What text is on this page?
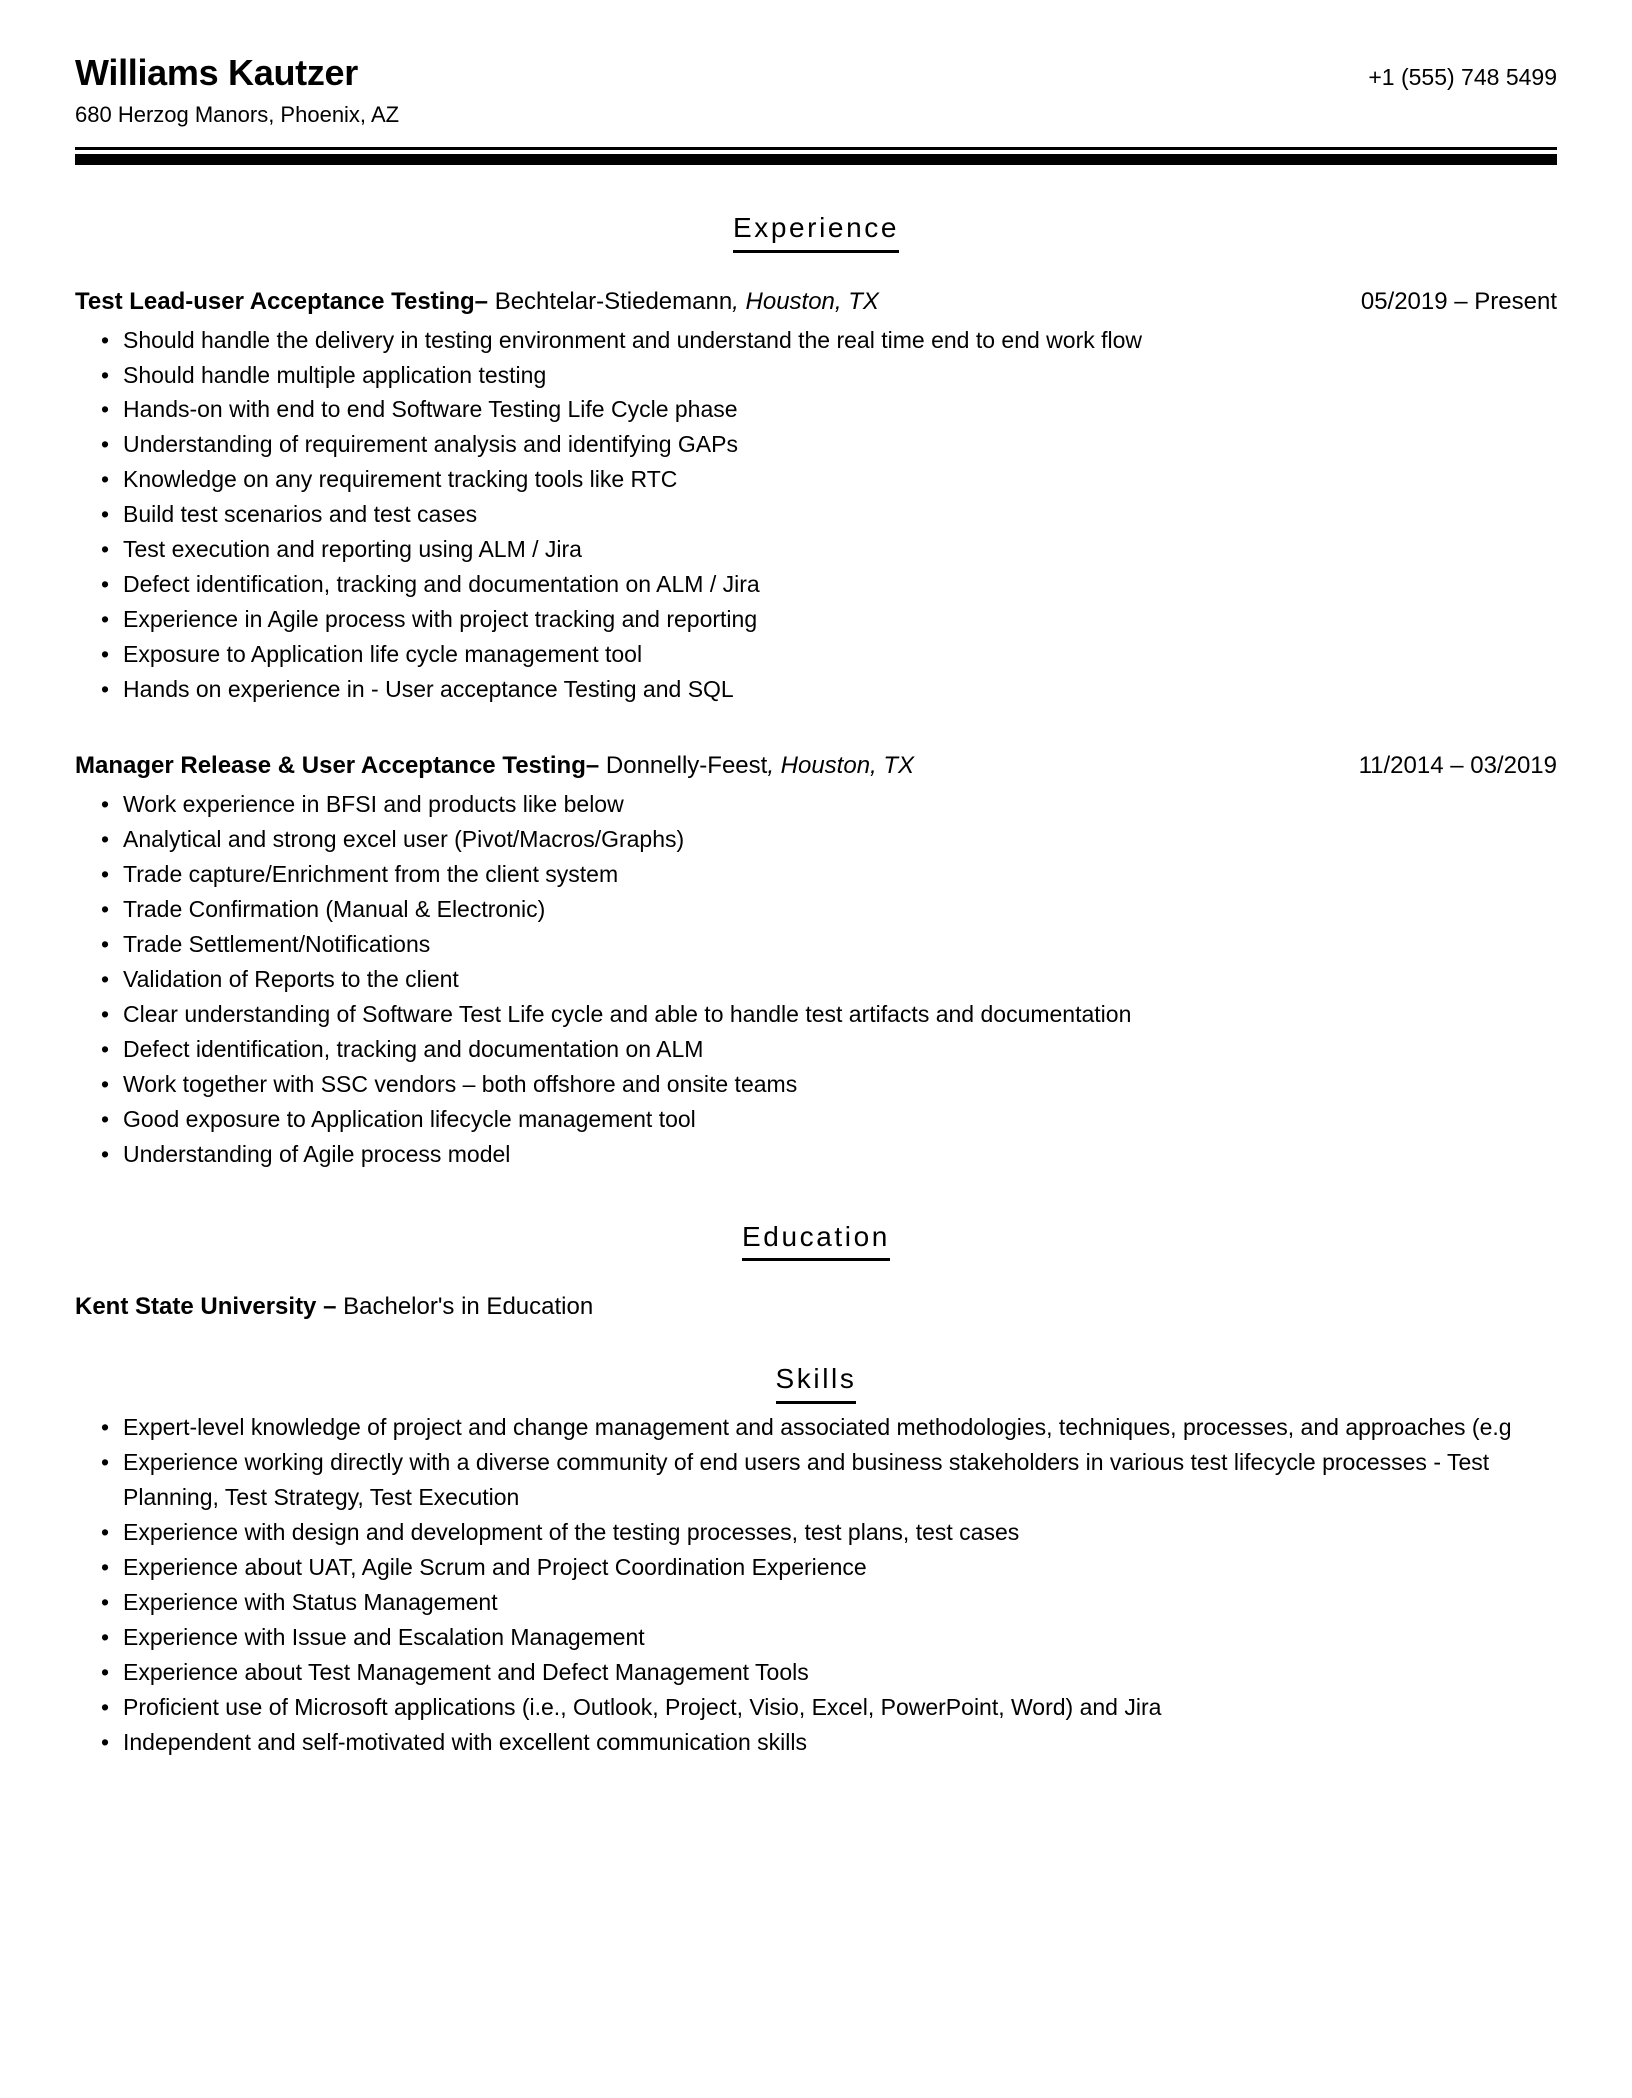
Williams Kautzer	+1 (555) 748 5499
680 Herzog Manors, Phoenix, AZ
Experience
Test Lead-user Acceptance Testing– Bechtelar-Stiedemann, Houston, TX	05/2019 – Present
• Should handle the delivery in testing environment and understand the real time end to end work flow
• Should handle multiple application testing
• Hands-on with end to end Software Testing Life Cycle phase
• Understanding of requirement analysis and identifying GAPs
• Knowledge on any requirement tracking tools like RTC
• Build test scenarios and test cases
• Test execution and reporting using ALM / Jira
• Defect identification, tracking and documentation on ALM / Jira
• Experience in Agile process with project tracking and reporting
• Exposure to Application life cycle management tool
• Hands on experience in - User acceptance Testing and SQL
Manager Release & User Acceptance Testing– Donnelly-Feest, Houston, TX	11/2014 – 03/2019
• Work experience in BFSI and products like below
• Analytical and strong excel user (Pivot/Macros/Graphs)
• Trade capture/Enrichment from the client system
• Trade Confirmation (Manual & Electronic)
• Trade Settlement/Notifications
• Validation of Reports to the client
• Clear understanding of Software Test Life cycle and able to handle test artifacts and documentation
• Defect identification, tracking and documentation on ALM
• Work together with SSC vendors – both offshore and onsite teams
• Good exposure to Application lifecycle management tool
• Understanding of Agile process model
Education
Kent State University – Bachelor's in Education
Skills
• Expert-level knowledge of project and change management and associated methodologies, techniques, processes, and approaches (e.g
• Experience working directly with a diverse community of end users and business stakeholders in various test lifecycle processes - Test Planning, Test Strategy, Test Execution
• Experience with design and development of the testing processes, test plans, test cases
• Experience about UAT, Agile Scrum and Project Coordination Experience
• Experience with Status Management
• Experience with Issue and Escalation Management
• Experience about Test Management and Defect Management Tools
• Proficient use of Microsoft applications (i.e., Outlook, Project, Visio, Excel, PowerPoint, Word) and Jira
• Independent and self-motivated with excellent communication skills
